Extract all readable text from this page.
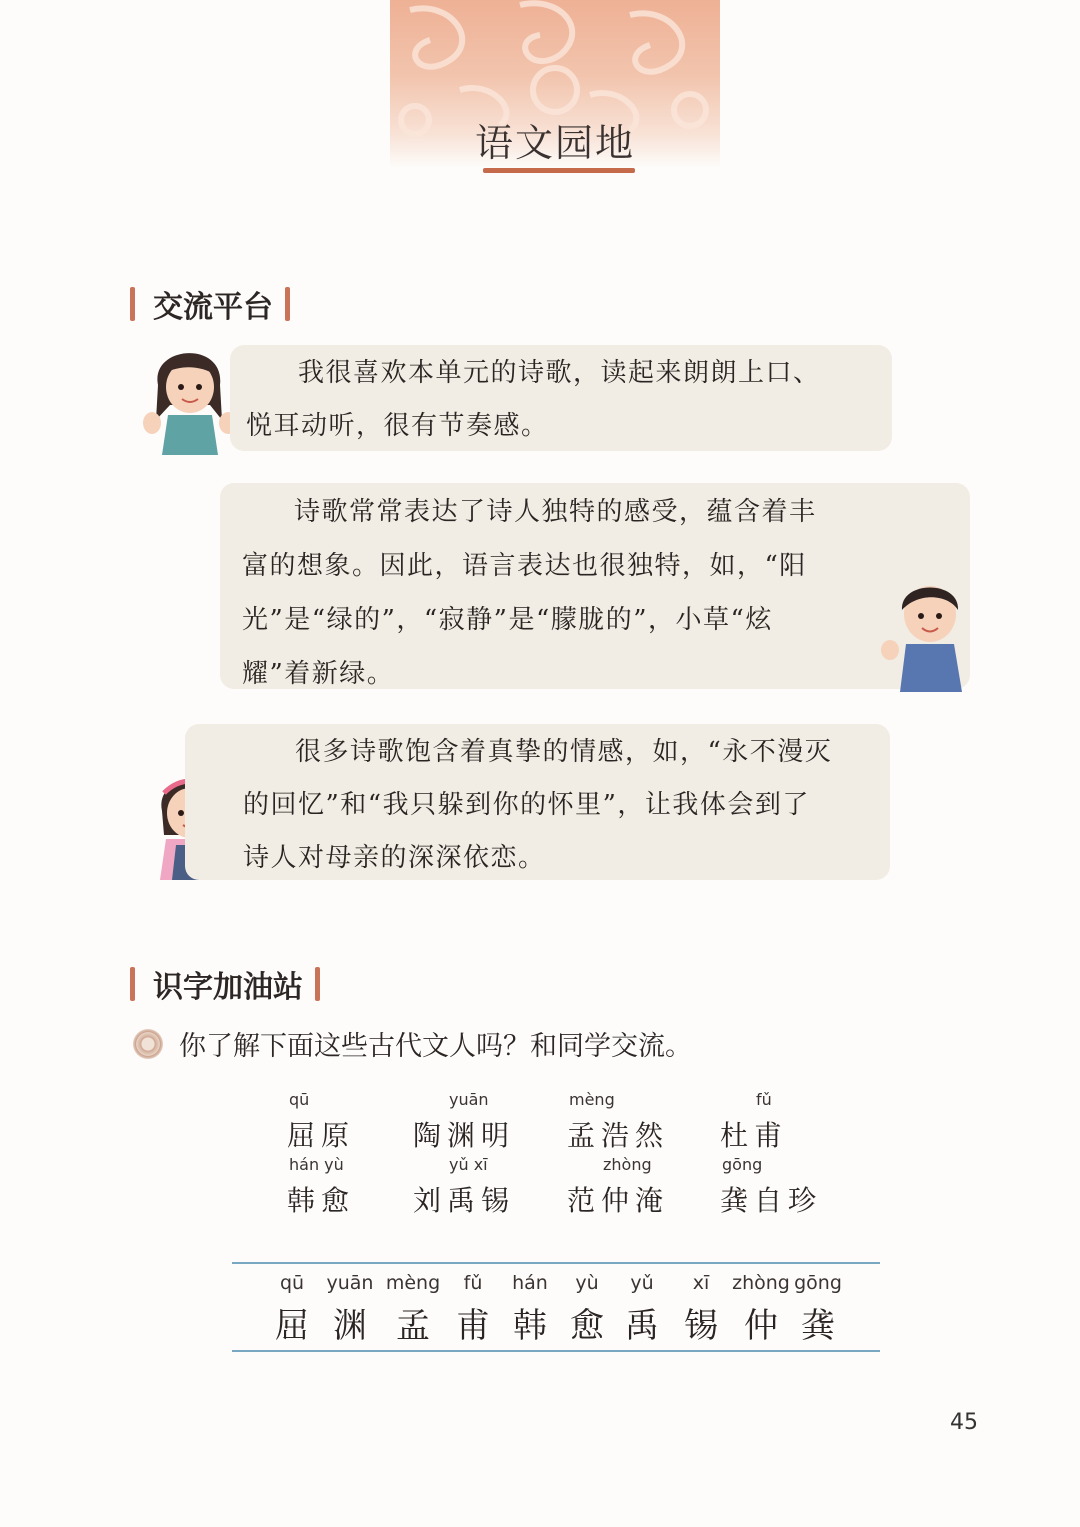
语文园地
交流平台

我很喜欢本单元的诗歌，读起来朗朗上口、

悦耳动听，很有节奏感。

诗歌常常表达了诗人独特的感受，蕴含着丰

富的想象。因此，语言表达也很独特，如，“阳

光”是“绿的”，“寂静”是“朦胧的”，小草“炫

耀”着新绿。

很多诗歌饱含着真挚的情感，如，“永不漫灭

的回忆”和“我只躲到你的怀里”，让我体会到了

诗人对母亲的深深依恋。

识字加油站
你了解下面这些古代文人吗？和同学交流。
qū
屈原
yuān
陶渊明
mèng
孟浩然
fǔ
杜甫
hán yù
韩愈
yǔ xī
刘禹锡
zhòng
范仲淹
gōng
龚自珍
qū
屈
yuān
渊
mèng
孟
fǔ
甫
hán
韩
yù
愈
yǔ
禹
xī
锡
zhòng
仲
gōng
龚
45
